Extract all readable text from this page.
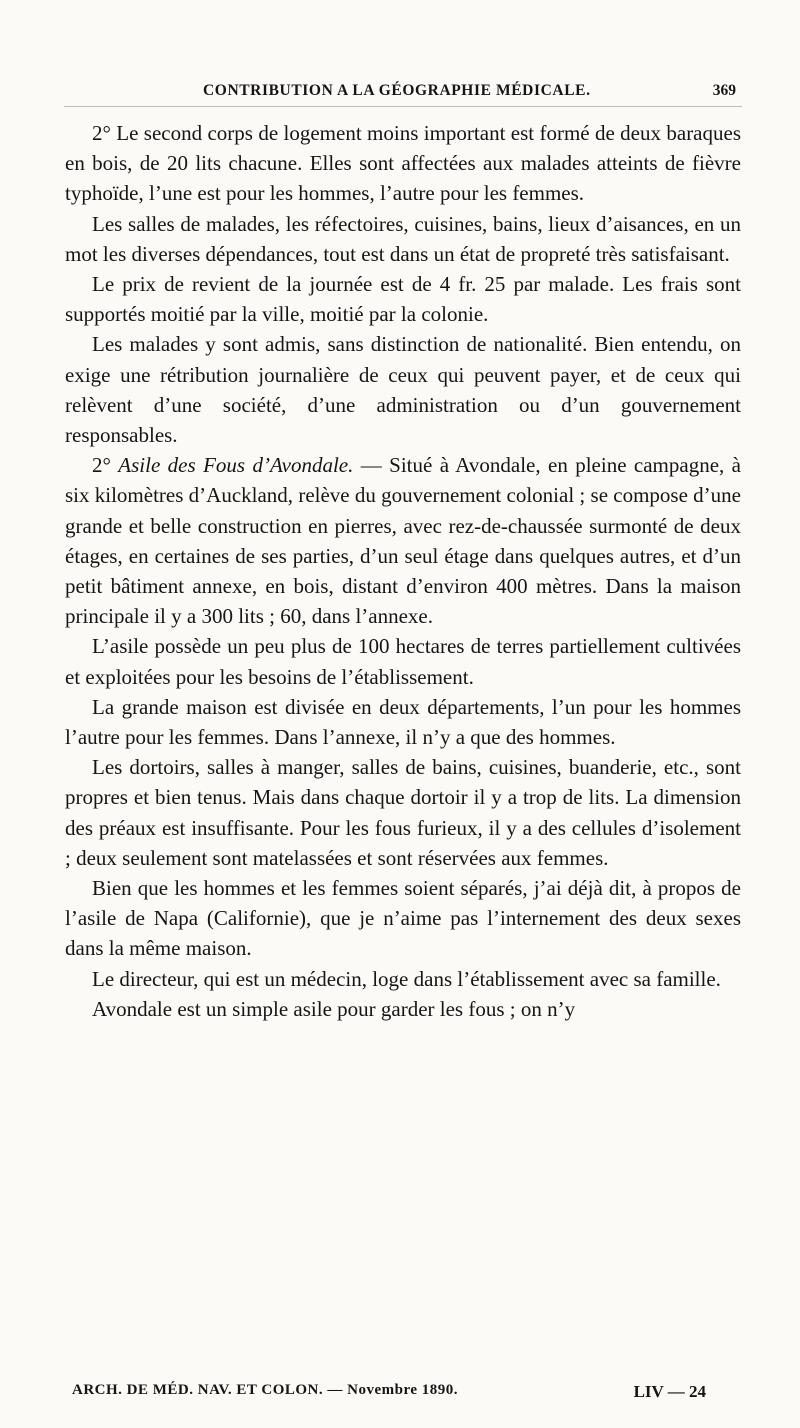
CONTRIBUTION A LA GÉOGRAPHIE MÉDICALE.	369

2° Le second corps de logement moins important est formé de deux baraques en bois, de 20 lits chacune. Elles sont affectées aux malades atteints de fièvre typhoïde, l’une est pour les hommes, l’autre pour les femmes.

Les salles de malades, les réfectoires, cuisines, bains, lieux d’aisances, en un mot les diverses dépendances, tout est dans un état de propreté très satisfaisant.

Le prix de revient de la journée est de 4 fr. 25 par malade. Les frais sont supportés moitié par la ville, moitié par la colonie.

Les malades y sont admis, sans distinction de nationalité. Bien entendu, on exige une rétribution journalière de ceux qui peuvent payer, et de ceux qui relèvent d’une société, d’une administration ou d’un gouvernement responsables.

2° Asile des Fous d’Avondale. — Situé à Avondale, en pleine campagne, à six kilomètres d’Auckland, relève du gouvernement colonial ; se compose d’une grande et belle construction en pierres, avec rez-de-chaussée surmonté de deux étages, en certaines de ses parties, d’un seul étage dans quelques autres, et d’un petit bâtiment annexe, en bois, distant d’environ 400 mètres. Dans la maison principale il y a 300 lits ; 60, dans l’annexe.

L’asile possède un peu plus de 100 hectares de terres partiellement cultivées et exploitées pour les besoins de l’établissement.

La grande maison est divisée en deux départements, l’un pour les hommes l’autre pour les femmes. Dans l’annexe, il n’y a que des hommes.

Les dortoirs, salles à manger, salles de bains, cuisines, buanderie, etc., sont propres et bien tenus. Mais dans chaque dortoir il y a trop de lits. La dimension des préaux est insuffisante. Pour les fous furieux, il y a des cellules d’isolement ; deux seulement sont matelassées et sont réservées aux femmes.

Bien que les hommes et les femmes soient séparés, j’ai déjà dit, à propos de l’asile de Napa (Californie), que je n’aime pas l’internement des deux sexes dans la même maison.

Le directeur, qui est un médecin, loge dans l’établissement avec sa famille.

Avondale est un simple asile pour garder les fous ; on n’y

ARCH. DE MÉD. NAV. ET COLON. — Novembre 1890.	LIV — 24
